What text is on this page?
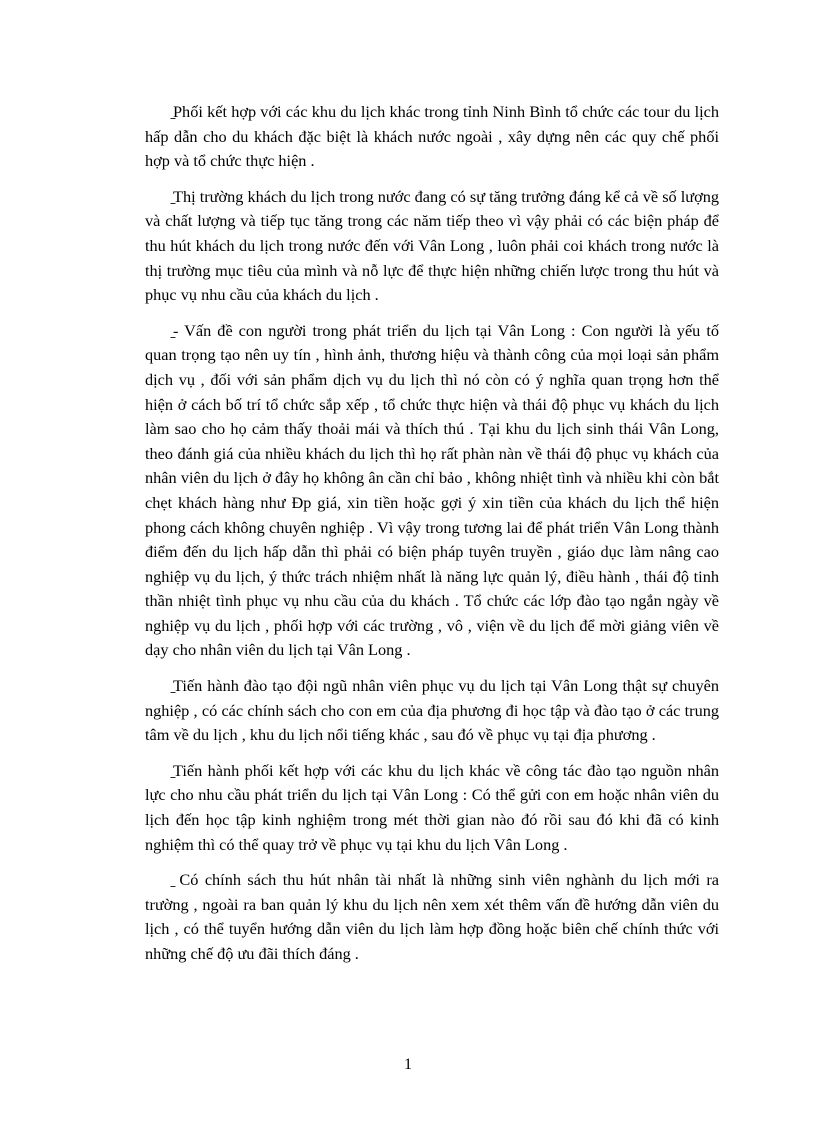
̱Phối kết hợp với các khu du lịch khác trong tỉnh Ninh Bình tổ chức các tour du lịch hấp dẫn cho du khách đặc biệt là khách nước ngoài , xây dựng nên các quy chế phối hợp và tổ chức thực hiện .

̱Thị trường khách du lịch trong nước đang có sự tăng trưởng đáng kể cả về số lượng và chất lượng và tiếp tục tăng trong các năm tiếp theo vì vậy phải có các biện pháp để thu hút khách du lịch trong nước đến với Vân Long , luôn phải coi khách trong nước là thị trường mục tiêu của mình và nỗ lực để thực hiện những chiến lược trong thu hút và phục vụ nhu cầu của khách du lịch .

̱- Vấn đề con người trong phát triển du lịch tại Vân Long : Con người là yếu tố quan trọng tạo nên uy tín , hình ảnh, thương hiệu và thành công của mọi loại sản phẩm dịch vụ , đối với sản phẩm dịch vụ du lịch thì nó còn có ý nghĩa quan trọng hơn thể hiện ở cách bố trí tổ chức sắp xếp , tổ chức thực hiện và thái độ phục vụ khách du lịch làm sao cho họ cảm thấy thoải mái và thích thú . Tại khu du lịch sinh thái Vân Long, theo đánh giá của nhiều khách du lịch thì họ rất phàn nàn về thái độ phục vụ khách của nhân viên du lịch ở đây họ không ân cần chỉ bảo , không nhiệt tình và nhiều khi còn bắt chẹt khách hàng như Đp giá, xin tiền hoặc gợi ý xin tiền của khách du lịch thể hiện phong cách không chuyên nghiệp . Vì vậy trong tương lai để phát triển Vân Long thành điểm đến du lịch hấp dẫn thì phải có biện pháp tuyên truyền , giáo dục làm nâng cao nghiệp vụ du lịch, ý thức trách nhiệm nhất là năng lực quản lý, điều hành , thái độ tinh thần nhiệt tình phục vụ nhu cầu của du khách . Tổ chức các lớp đào tạo ngắn ngày về nghiệp vụ du lịch , phối hợp với các trường , vô , viện về du lịch để mời giảng viên về dạy cho nhân viên du lịch tại Vân Long .

̱Tiến hành đào tạo đội ngũ nhân viên phục vụ du lịch tại Vân Long thật sự chuyên nghiệp , có các chính sách cho con em của địa phương đi học tập và đào tạo ở các trung tâm về du lịch , khu du lịch nổi tiếng khác , sau đó về phục vụ tại địa phương .

̱Tiến hành phối kết hợp với các khu du lịch khác về công tác đào tạo nguồn nhân lực cho nhu cầu phát triển du lịch tại Vân Long : Có thể gửi con em hoặc nhân viên du lịch đến học tập kinh nghiệm trong mét thời gian nào đó rồi sau đó khi đã có kinh nghiệm thì có thể quay trở về phục vụ tại khu du lịch Vân Long .

̱ Có chính sách thu hút nhân tài nhất là những sinh viên nghành du lịch mới ra trường , ngoài ra ban quản lý khu du lịch nên xem xét thêm vấn đề hướng dẫn viên du lịch , có thể tuyển hướng dẫn viên du lịch làm hợp đồng hoặc biên chế chính thức với những chế độ ưu đãi thích đáng .

1
